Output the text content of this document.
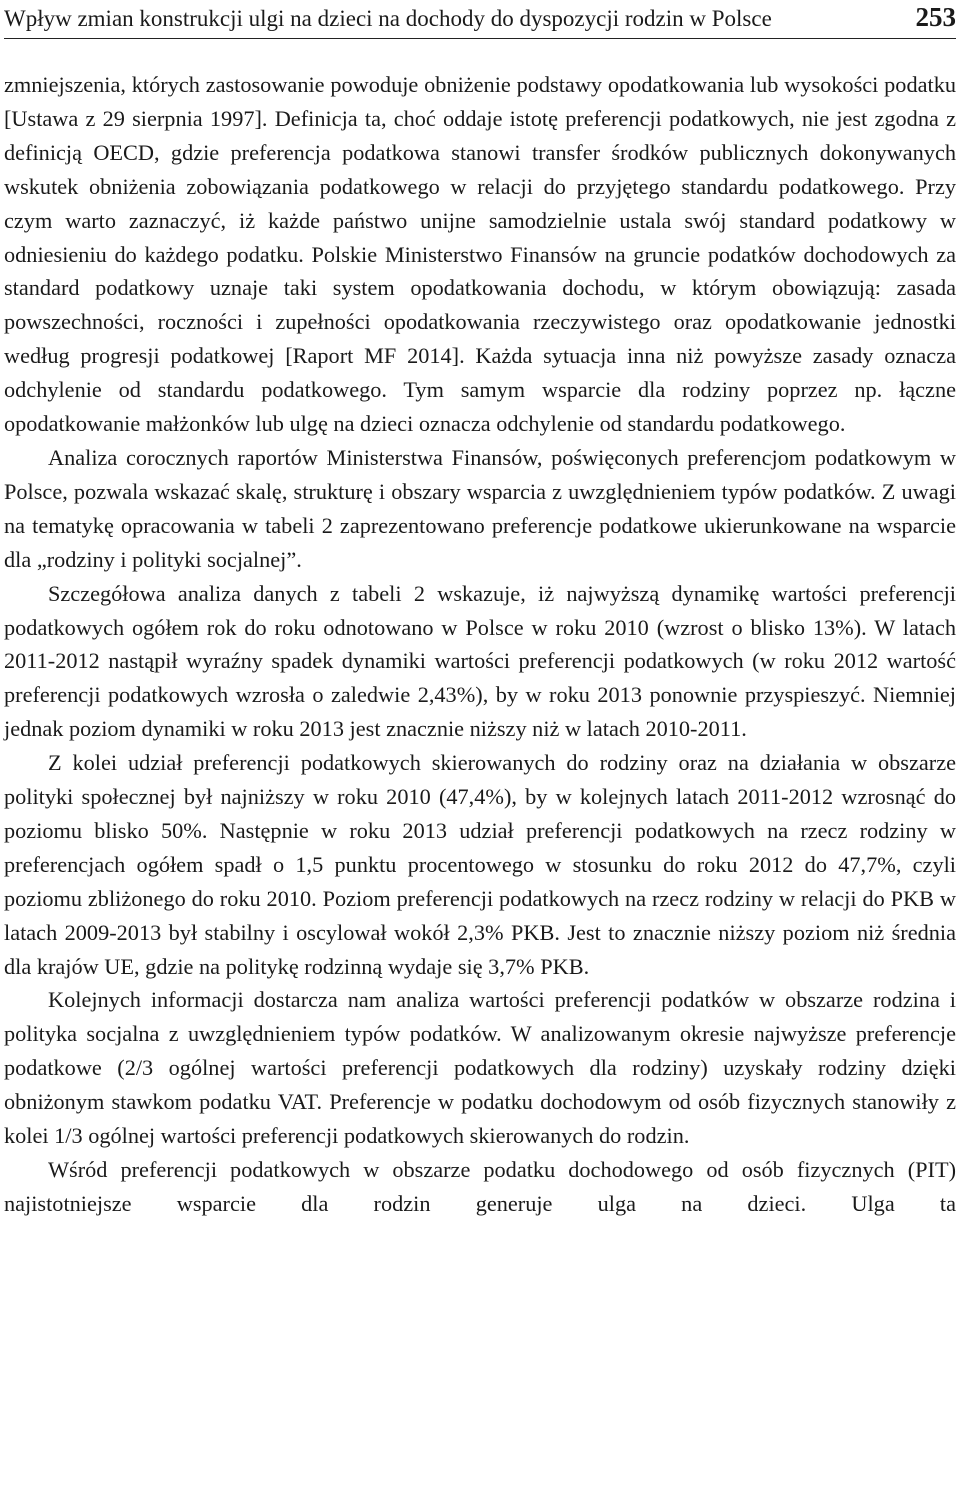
Wpływ zmian konstrukcji ulgi na dzieci na dochody do dyspozycji rodzin w Polsce	253

zmniejszenia, których zastosowanie powoduje obniżenie podstawy opodatkowania lub wysokości podatku [Ustawa z 29 sierpnia 1997]. Definicja ta, choć oddaje istotę preferencji podatkowych, nie jest zgodna z definicją OECD, gdzie preferencja podatkowa stanowi transfer środków publicznych dokonywanych wskutek obniżenia zobowiązania podatkowego w relacji do przyjętego standardu podatkowego. Przy czym warto zaznaczyć, iż każde państwo unijne samodzielnie ustala swój standard podatkowy w odniesieniu do każdego podatku. Polskie Ministerstwo Finansów na gruncie podatków dochodowych za standard podatkowy uznaje taki system opodatkowania dochodu, w którym obowiązują: zasada powszechności, roczności i zupełności opodatkowania rzeczywistego oraz opodatkowanie jednostki według progresji podatkowej [Raport MF 2014]. Każda sytuacja inna niż powyższe zasady oznacza odchylenie od standardu podatkowego. Tym samym wsparcie dla rodziny poprzez np. łączne opodatkowanie małżonków lub ulgę na dzieci oznacza odchylenie od standardu podatkowego.

Analiza corocznych raportów Ministerstwa Finansów, poświęconych preferencjom podatkowym w Polsce, pozwala wskazać skalę, strukturę i obszary wsparcia z uwzględnieniem typów podatków. Z uwagi na tematykę opracowania w tabeli 2 zaprezentowano preferencje podatkowe ukierunkowane na wsparcie dla „rodziny i polityki socjalnej”.

Szczegółowa analiza danych z tabeli 2 wskazuje, iż najwyższą dynamikę wartości preferencji podatkowych ogółem rok do roku odnotowano w Polsce w roku 2010 (wzrost o blisko 13%). W latach 2011-2012 nastąpił wyraźny spadek dynamiki wartości preferencji podatkowych (w roku 2012 wartość preferencji podatkowych wzrosła o zaledwie 2,43%), by w roku 2013 ponownie przyspieszyć. Niemniej jednak poziom dynamiki w roku 2013 jest znacznie niższy niż w latach 2010-2011.

Z kolei udział preferencji podatkowych skierowanych do rodziny oraz na działania w obszarze polityki społecznej był najniższy w roku 2010 (47,4%), by w kolejnych latach 2011-2012 wzrosnąć do poziomu blisko 50%. Następnie w roku 2013 udział preferencji podatkowych na rzecz rodziny w preferencjach ogółem spadł o 1,5 punktu procentowego w stosunku do roku 2012 do 47,7%, czyli poziomu zbliżonego do roku 2010. Poziom preferencji podatkowych na rzecz rodziny w relacji do PKB w latach 2009-2013 był stabilny i oscylował wokół 2,3% PKB. Jest to znacznie niższy poziom niż średnia dla krajów UE, gdzie na politykę rodzinną wydaje się 3,7% PKB.

Kolejnych informacji dostarcza nam analiza wartości preferencji podatków w obszarze rodzina i polityka socjalna z uwzględnieniem typów podatków. W analizowanym okresie najwyższe preferencje podatkowe (2/3 ogólnej wartości preferencji podatkowych dla rodziny) uzyskały rodziny dzięki obniżonym stawkom podatku VAT. Preferencje w podatku dochodowym od osób fizycznych stanowiły z kolei 1/3 ogólnej wartości preferencji podatkowych skierowanych do rodzin.

Wśród preferencji podatkowych w obszarze podatku dochodowego od osób fizycznych (PIT) najistotniejsze wsparcie dla rodzin generuje ulga na dzieci. Ulga ta
